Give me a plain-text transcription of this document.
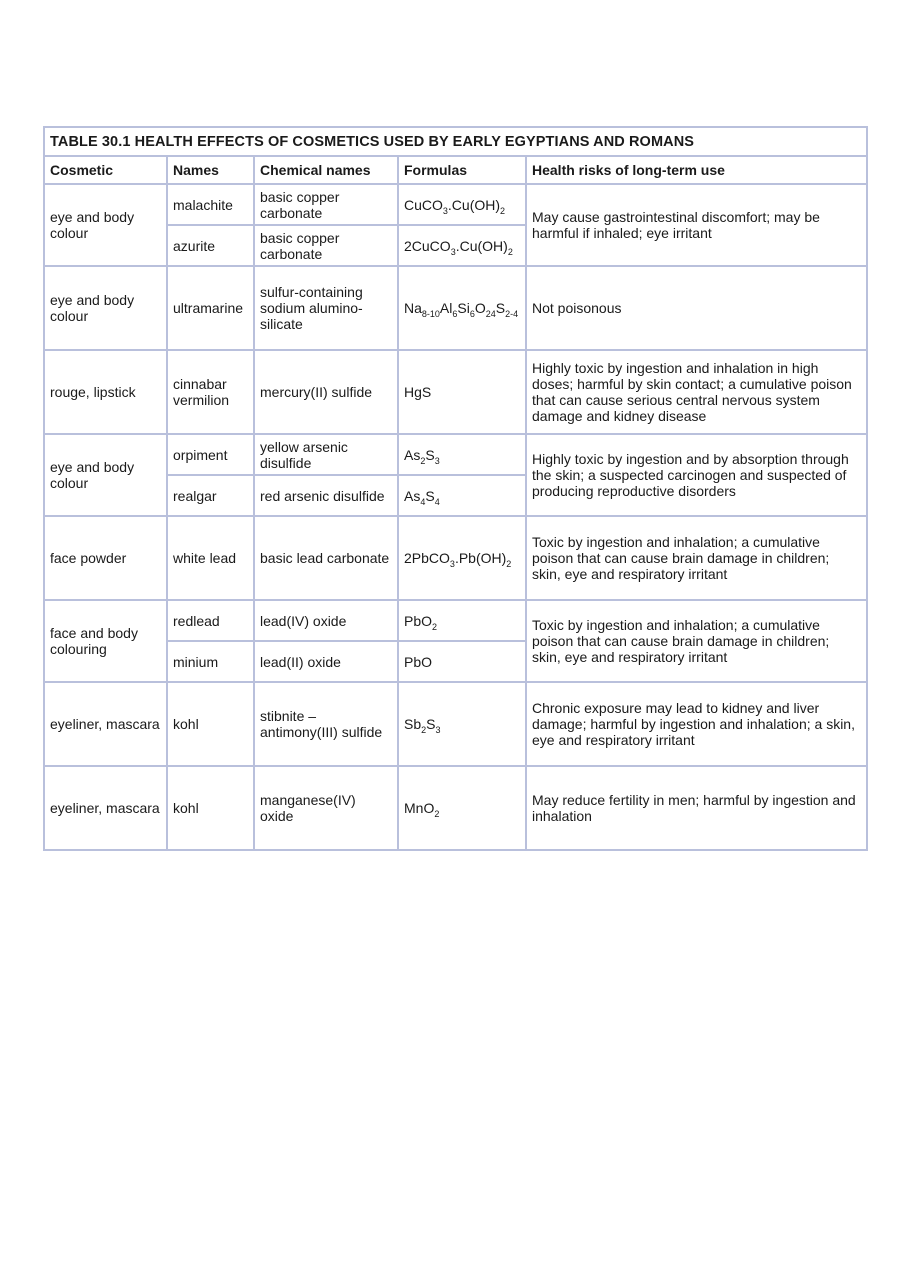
TABLE 30.1 HEALTH EFFECTS OF COSMETICS USED BY EARLY EGYPTIANS AND ROMANS				
Cosmetic	Names	Chemical names	Formulas	Health risks of long-term use
eye and body colour	malachite	basic copper carbonate	$CuCO_3.Cu(OH)_2$	May cause gastrointestinal discomfort; may be harmful if inhaled; eye irritant
	azurite	basic copper carbonate	$2CuCO_3.Cu(OH)_2$
eye and body colour	ultramarine	sulfur-containing sodium alumino-silicate	$Na_{8-10}Al_6Si_6O_{24}S_{2-4}$	Not poisonous
rouge, lipstick	cinnabar vermilion	mercury(II) sulfide	HgS	Highly toxic by ingestion and inhalation in high doses; harmful by skin contact; a cumulative poison that can cause serious central nervous system damage and kidney disease
eye and body colour	orpiment	yellow arsenic disulfide	$As_2S_3$	Highly toxic by ingestion and by absorption through the skin; a suspected carcinogen and suspected of producing reproductive disorders
	realgar	red arsenic disulfide	$As_4S_4$
face powder	white lead	basic lead carbonate	$2PbCO_3.Pb(OH)_2$	Toxic by ingestion and inhalation; a cumulative poison that can cause brain damage in children; skin, eye and respiratory irritant
face and body colouring	redlead	lead(IV) oxide	PbO$_2$	Toxic by ingestion and inhalation; a cumulative poison that can cause brain damage in children; skin, eye and respiratory irritant
	minium	lead(II) oxide	PbO	
eyeliner, mascara	kohl	stibnite – antimony(III) sulfide	$Sb_2S_3$	Chronic exposure may lead to kidney and liver damage; harmful by ingestion and inhalation; a skin, eye and respiratory irritant
eyeliner, mascara	kohl	manganese(IV) oxide	MnO$_2$	May reduce fertility in men; harmful by ingestion and inhalation
